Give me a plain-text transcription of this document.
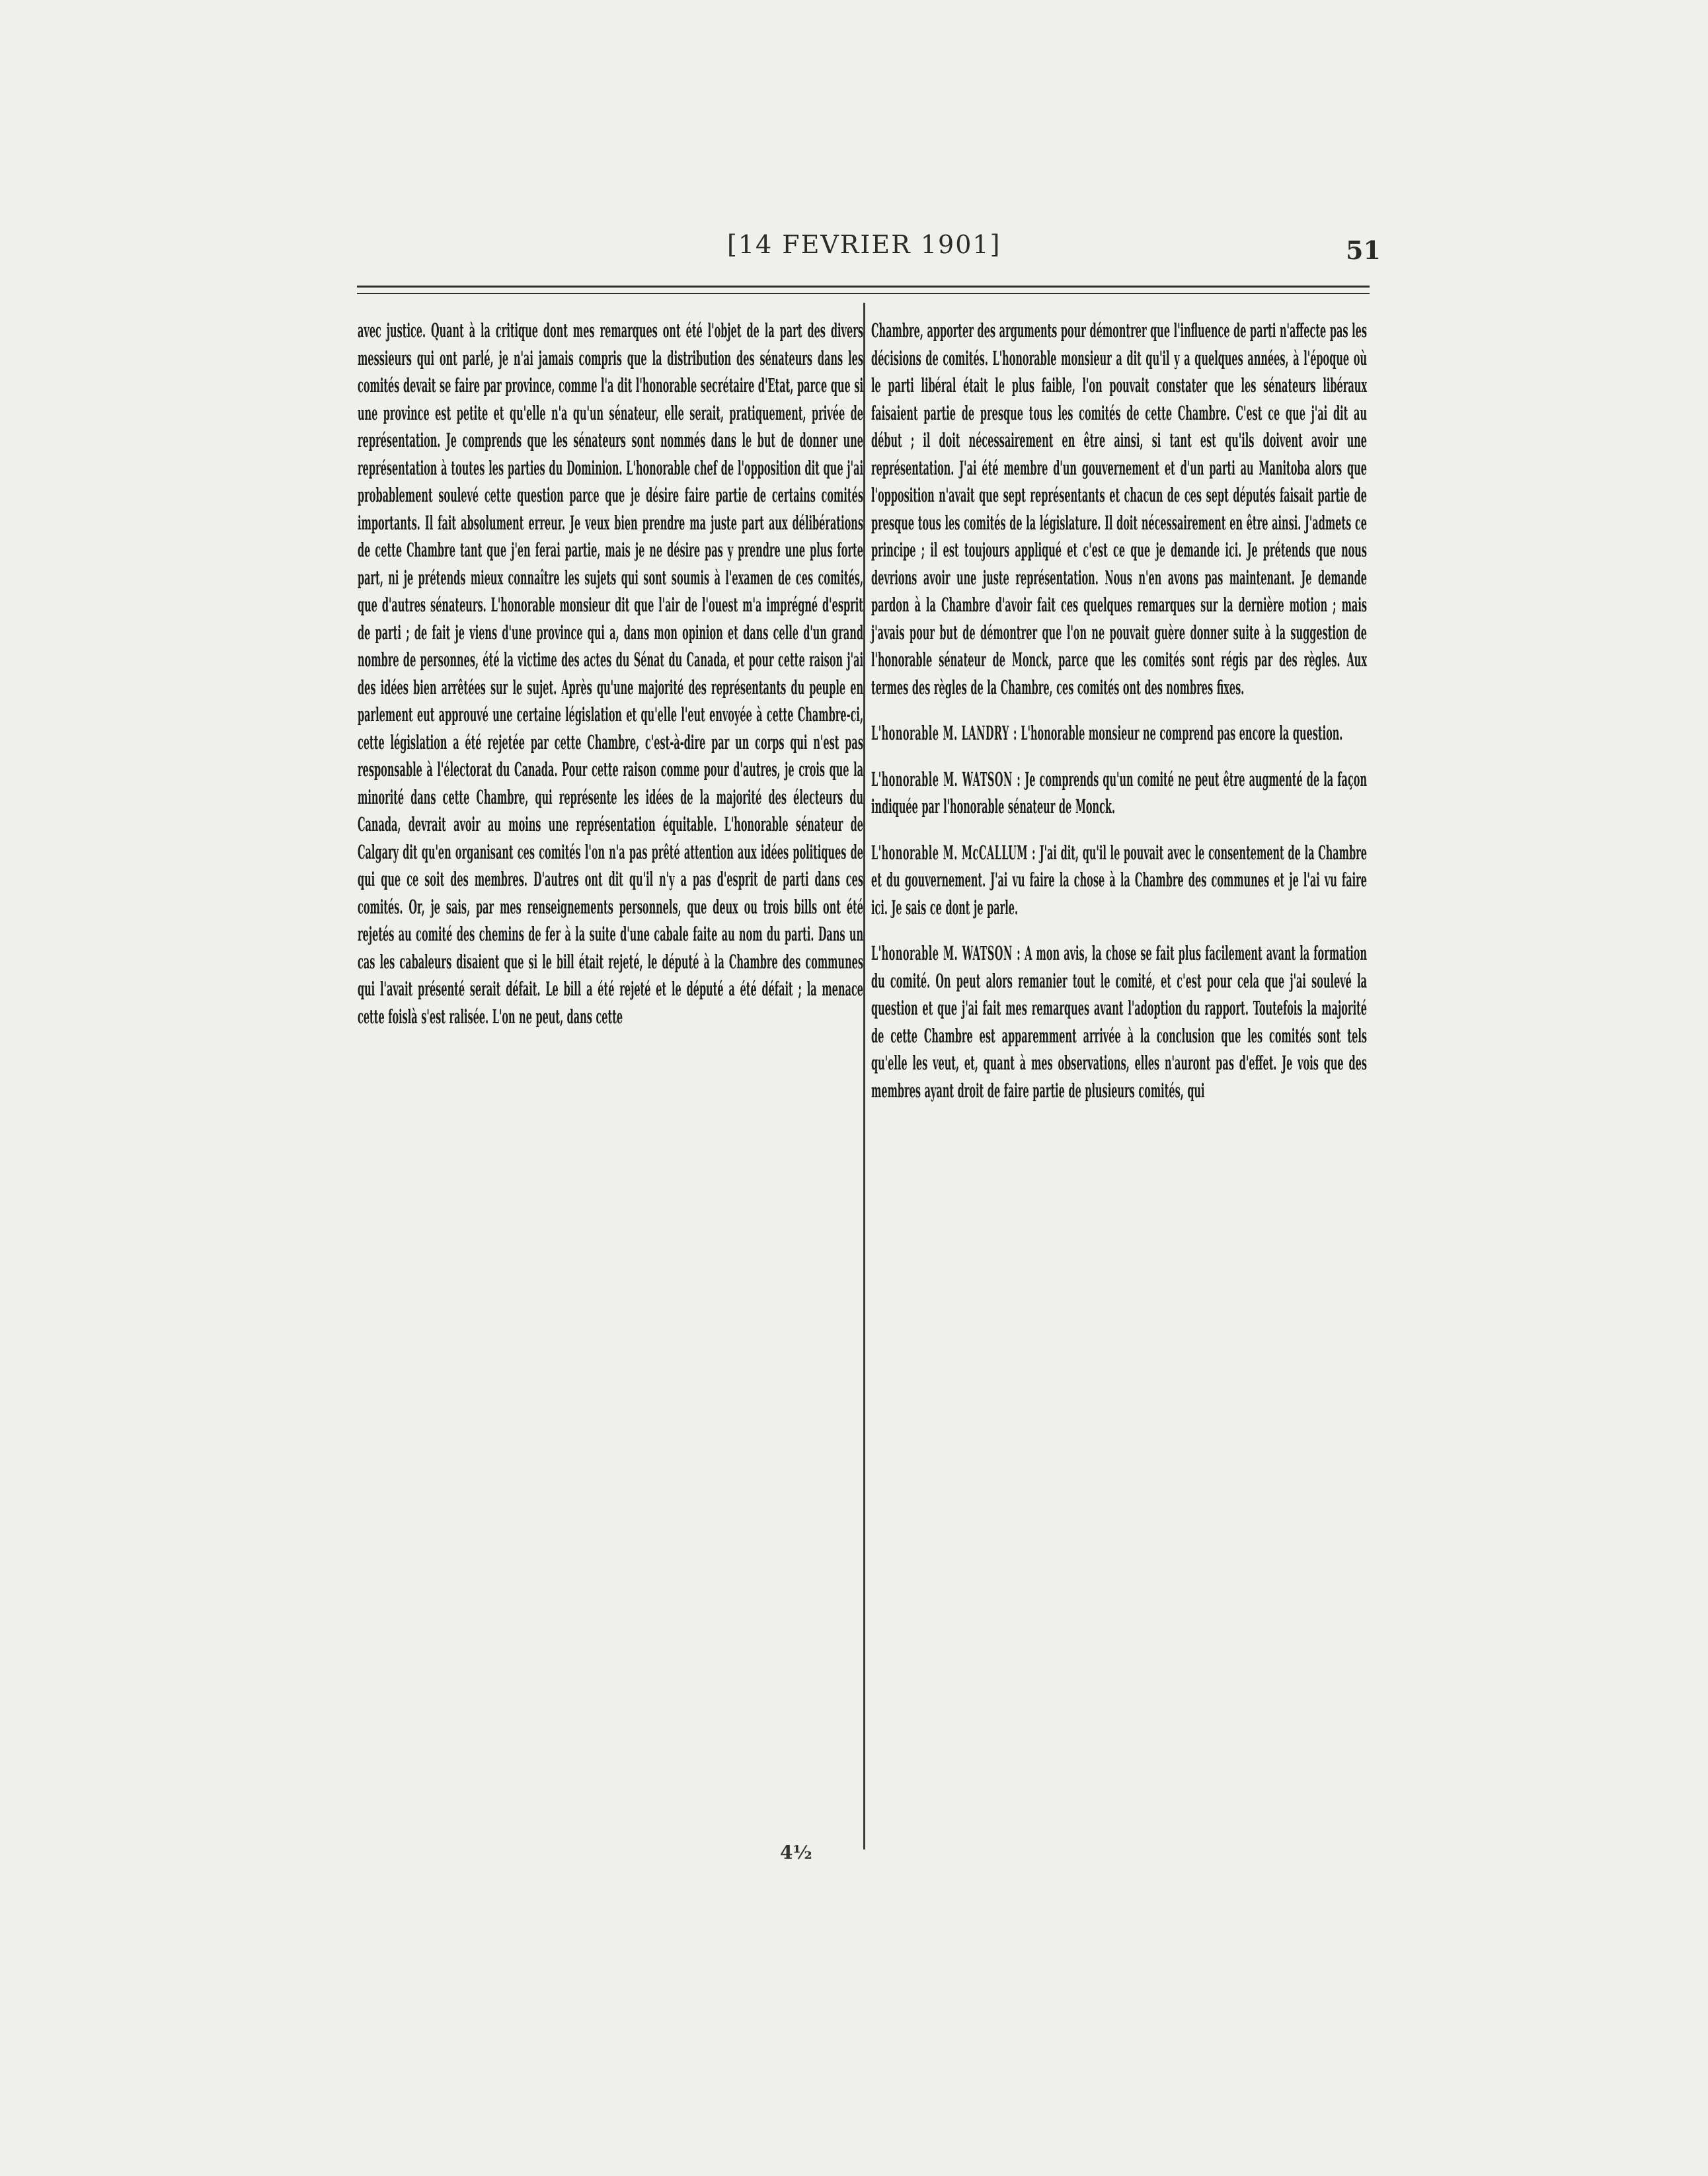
[14 FEVRIER 1901]	51

avec justice. Quant à la critique dont mes remarques ont été l'objet de la part des divers messieurs qui ont parlé, je n'ai jamais compris que la distribution des sénateurs dans les comités devait se faire par province, comme l'a dit l'honorable secrétaire d'Etat, parce que si une province est petite et qu'elle n'a qu'un sénateur, elle serait, pratiquement, privée de représentation. Je comprends que les sénateurs sont nommés dans le but de donner une représentation à toutes les parties du Dominion. L'honorable chef de l'opposition dit que j'ai probablement soulevé cette question parce que je désire faire partie de certains comités importants. Il fait absolument erreur. Je veux bien prendre ma juste part aux délibérations de cette Chambre tant que j'en ferai partie, mais je ne désire pas y prendre une plus forte part, ni je prétends mieux connaître les sujets qui sont soumis à l'examen de ces comités, que d'autres sénateurs. L'honorable monsieur dit que l'air de l'ouest m'a imprégné d'esprit de parti ; de fait je viens d'une province qui a, dans mon opinion et dans celle d'un grand nombre de personnes, été la victime des actes du Sénat du Canada, et pour cette raison j'ai des idées bien arrêtées sur le sujet. Après qu'une majorité des représentants du peuple en parlement eut approuvé une certaine législation et qu'elle l'eut envoyée à cette Chambre-ci, cette législation a été rejetée par cette Chambre, c'est-à-dire par un corps qui n'est pas responsable à l'électorat du Canada. Pour cette raison comme pour d'autres, je crois que la minorité dans cette Chambre, qui représente les idées de la majorité des électeurs du Canada, devrait avoir au moins une représentation équitable. L'honorable sénateur de Calgary dit qu'en organisant ces comités l'on n'a pas prêté attention aux idées politiques de qui que ce soit des membres. D'autres ont dit qu'il n'y a pas d'esprit de parti dans ces comités. Or, je sais, par mes renseignements personnels, que deux ou trois bills ont été rejetés au comité des chemins de fer à la suite d'une cabale faite au nom du parti. Dans un cas les cabaleurs disaient que si le bill était rejeté, le député à la Chambre des communes qui l'avait présenté serait défait. Le bill a été rejeté et le député a été défait ; la menace cette foislà s'est ralisée. L'on ne peut, dans cette

Chambre, apporter des arguments pour démontrer que l'influence de parti n'affecte pas les décisions de comités. L'honorable monsieur a dit qu'il y a quelques années, à l'époque où le parti libéral était le plus faible, l'on pouvait constater que les sénateurs libéraux faisaient partie de presque tous les comités de cette Chambre. C'est ce que j'ai dit au début ; il doit nécessairement en être ainsi, si tant est qu'ils doivent avoir une représentation. J'ai été membre d'un gouvernement et d'un parti au Manitoba alors que l'opposition n'avait que sept représentants et chacun de ces sept députés faisait partie de presque tous les comités de la législature. Il doit nécessairement en être ainsi. J'admets ce principe ; il est toujours appliqué et c'est ce que je demande ici. Je prétends que nous devrions avoir une juste représentation. Nous n'en avons pas maintenant. Je demande pardon à la Chambre d'avoir fait ces quelques remarques sur la dernière motion ; mais j'avais pour but de démontrer que l'on ne pouvait guère donner suite à la suggestion de l'honorable sénateur de Monck, parce que les comités sont régis par des règles. Aux termes des règles de la Chambre, ces comités ont des nombres fixes.

L'honorable M. LANDRY : L'honorable monsieur ne comprend pas encore la question.

L'honorable M. WATSON : Je comprends qu'un comité ne peut être augmenté de la façon indiquée par l'honorable sénateur de Monck.

L'honorable M. McCALLUM : J'ai dit, qu'il le pouvait avec le consentement de la Chambre et du gouvernement. J'ai vu faire la chose à la Chambre des communes et je l'ai vu faire ici. Je sais ce dont je parle.

L'honorable M. WATSON : A mon avis, la chose se fait plus facilement avant la formation du comité. On peut alors remanier tout le comité, et c'est pour cela que j'ai soulevé la question et que j'ai fait mes remarques avant l'adoption du rapport. Toutefois la majorité de cette Chambre est apparemment arrivée à la conclusion que les comités sont tels qu'elle les veut, et, quant à mes observations, elles n'auront pas d'effet. Je vois que des membres ayant droit de faire partie de plusieurs comités, qui

4½
